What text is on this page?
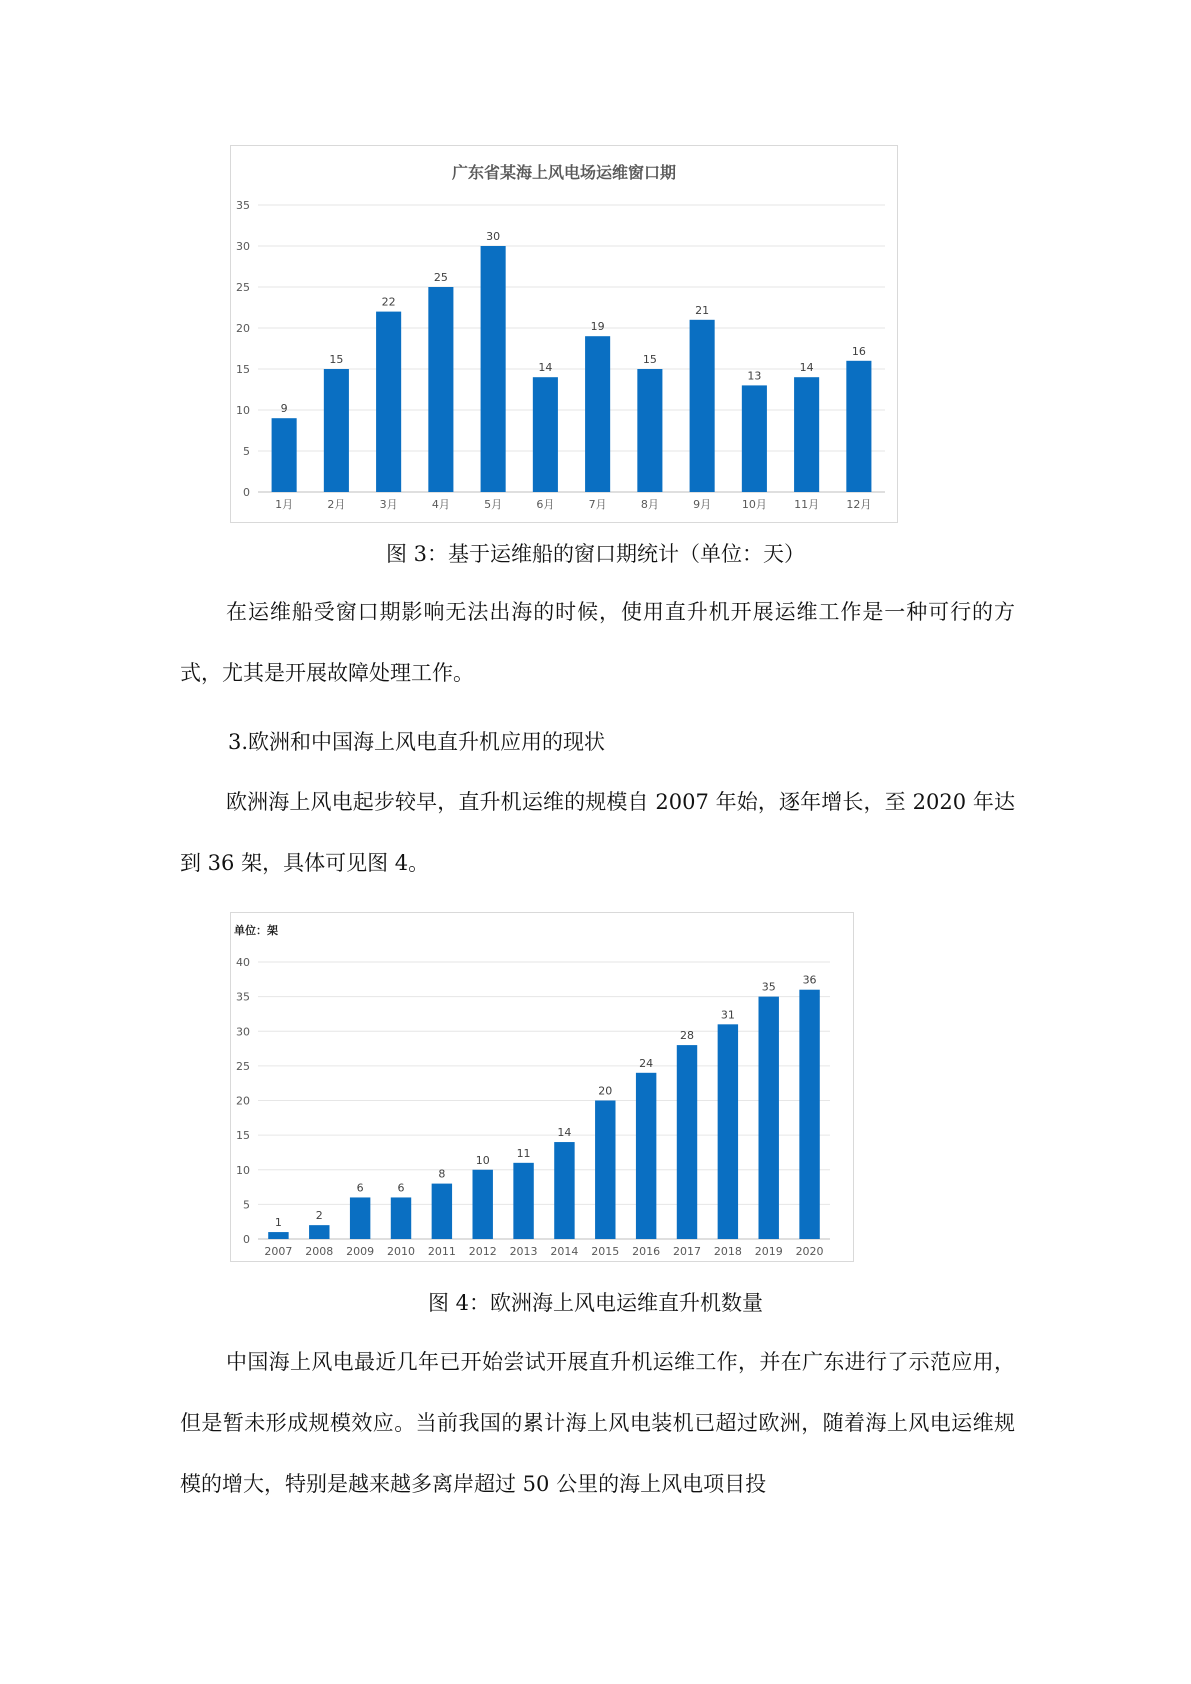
广东省某海上风电场运维窗口期
0
5
10
15
20
25
30
35
9
1月
15
2月
22
3月
25
4月
30
5月
14
6月
19
7月
15
8月
21
9月
13
10月
14
11月
16
12月

图 3：基于运维船的窗口期统计（单位：天）

在运维船受窗口期影响无法出海的时候，使用直升机开展运维工作是一种可行的方式，尤其是开展故障处理工作。

3.欧洲和中国海上风电直升机应用的现状

欧洲海上风电起步较早，直升机运维的规模自 2007 年始，逐年增长，至 2020 年达到 36 架，具体可见图 4。

单位：架
0
5
10
15
20
25
30
35
40
1
2007
2
2008
6
2009
6
2010
8
2011
10
2012
11
2013
14
2014
20
2015
24
2016
28
2017
31
2018
35
2019
36
2020

图 4：欧洲海上风电运维直升机数量

中国海上风电最近几年已开始尝试开展直升机运维工作，并在广东进行了示范应用，但是暂未形成规模效应。当前我国的累计海上风电装机已超过欧洲，随着海上风电运维规模的增大，特别是越来越多离岸超过 50 公里的海上风电项目投
